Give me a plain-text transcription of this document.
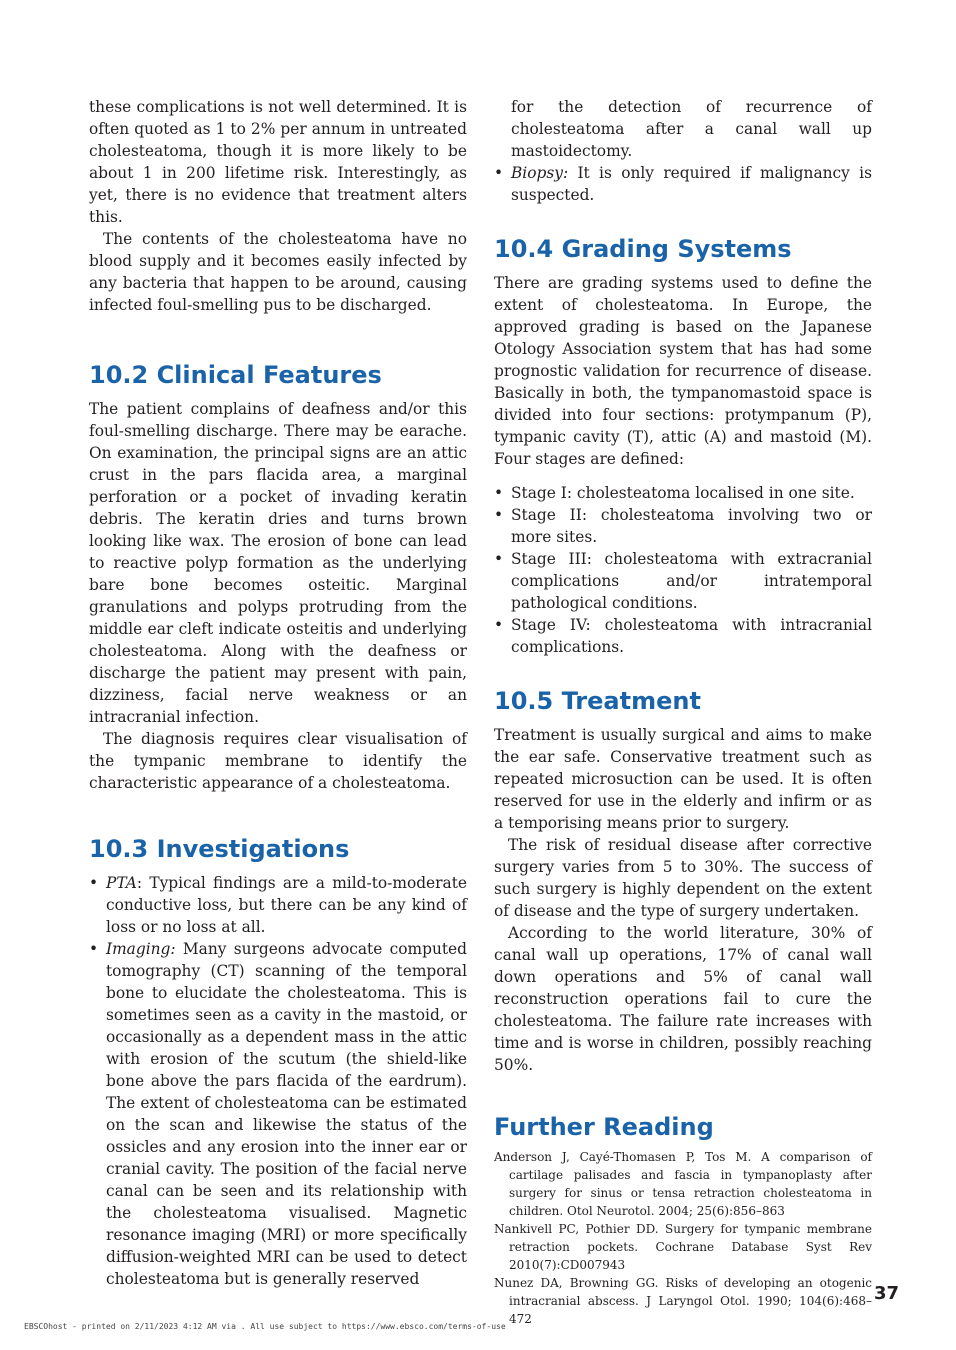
these complications is not well determined. It is often quoted as 1 to 2% per annum in untreated cholesteatoma, though it is more likely to be about 1 in 200 lifetime risk. Interestingly, as yet, there is no evidence that treatment alters this.

The contents of the cholesteatoma have no blood supply and it becomes easily infected by any bacteria that happen to be around, causing infected foul-smelling pus to be discharged.

10.2 Clinical Features

The patient complains of deafness and/or this foul-smelling discharge. There may be earache. On examination, the principal signs are an attic crust in the pars flacida area, a marginal perforation or a pocket of invading keratin debris. The keratin dries and turns brown looking like wax. The erosion of bone can lead to reactive polyp formation as the underlying bare bone becomes osteitic. Marginal granulations and polyps protruding from the middle ear cleft indicate osteitis and underlying cholesteatoma. Along with the deafness or discharge the patient may present with pain, dizziness, facial nerve weakness or an intracranial infection.

The diagnosis requires clear visualisation of the tympanic membrane to identify the characteristic appearance of a cholesteatoma.

10.3 Investigations
• PTA: Typical findings are a mild-to-moderate conductive loss, but there can be any kind of loss or no loss at all.
• Imaging: Many surgeons advocate computed tomography (CT) scanning of the temporal bone to elucidate the cholesteatoma. This is sometimes seen as a cavity in the mastoid, or occasionally as a dependent mass in the attic with erosion of the scutum (the shield-like bone above the pars flacida of the eardrum). The extent of cholesteatoma can be estimated on the scan and likewise the status of the ossicles and any erosion into the inner ear or cranial cavity. The position of the facial nerve canal can be seen and its relationship with the cholesteatoma visualised. Magnetic resonance imaging (MRI) or more specifically diffusion-weighted MRI can be used to detect cholesteatoma but is generally reserved
for the detection of recurrence of cholesteatoma after a canal wall up mastoidectomy.
• Biopsy: It is only required if malignancy is suspected.
10.4 Grading Systems

There are grading systems used to define the extent of cholesteatoma. In Europe, the approved grading is based on the Japanese Otology Association system that has had some prognostic validation for recurrence of disease. Basically in both, the tympanomastoid space is divided into four sections: protympanum (P), tympanic cavity (T), attic (A) and mastoid (M). Four stages are defined:

• Stage I: cholesteatoma localised in one site.
• Stage II: cholesteatoma involving two or more sites.
• Stage III: cholesteatoma with extracranial complications and/or intratemporal pathological conditions.
• Stage IV: cholesteatoma with intracranial complications.
10.5 Treatment

Treatment is usually surgical and aims to make the ear safe. Conservative treatment such as repeated microsuction can be used. It is often reserved for use in the elderly and infirm or as a temporising means prior to surgery.

The risk of residual disease after corrective surgery varies from 5 to 30%. The success of such surgery is highly dependent on the extent of disease and the type of surgery undertaken.

According to the world literature, 30% of canal wall up operations, 17% of canal wall down operations and 5% of canal wall reconstruction operations fail to cure the cholesteatoma. The failure rate increases with time and is worse in children, possibly reaching 50%.

Further Reading
Anderson J, Cayé-Thomasen P, Tos M. A comparison of cartilage palisades and fascia in tympanoplasty after surgery for sinus or tensa retraction cholesteatoma in children. Otol Neurotol. 2004; 25(6):856–863
Nankivell PC, Pothier DD. Surgery for tympanic membrane retraction pockets. Cochrane Database Syst Rev 2010(7):CD007943
Nunez DA, Browning GG. Risks of developing an otogenic intracranial abscess. J Laryngol Otol. 1990; 104(6):468–472
37
EBSCOhost - printed on 2/11/2023 4:12 AM via . All use subject to https://www.ebsco.com/terms-of-use
